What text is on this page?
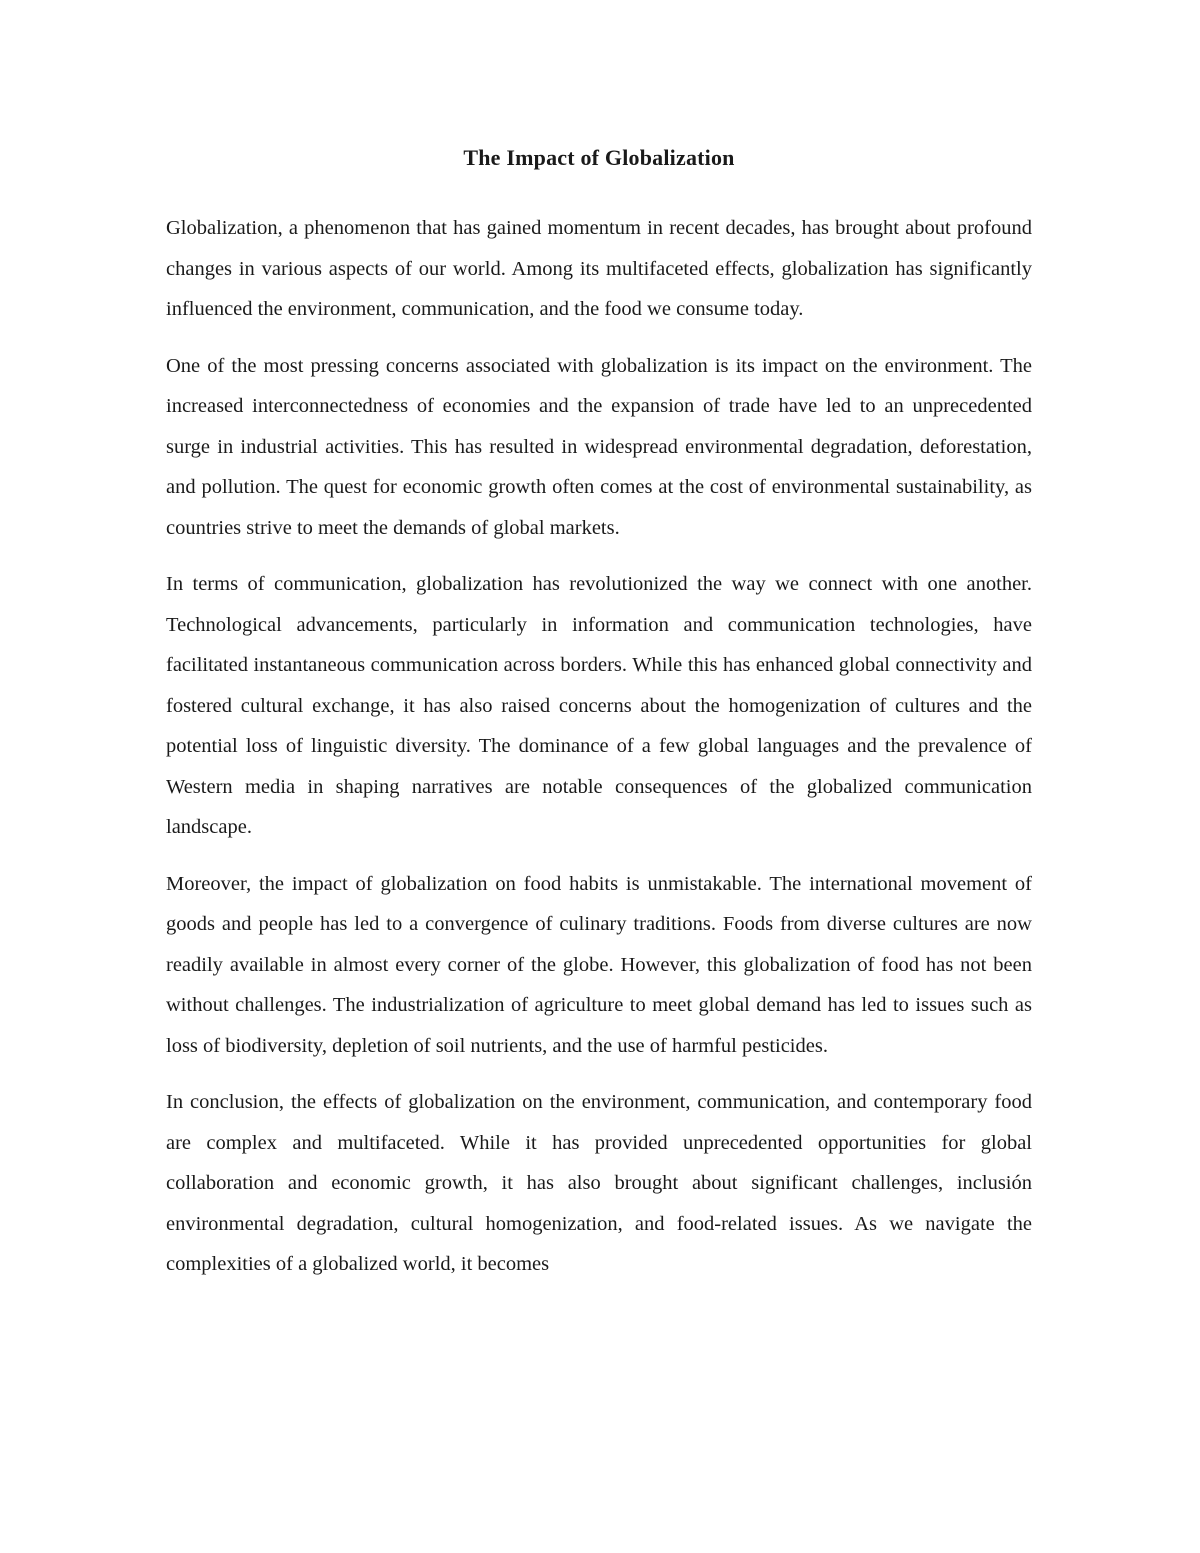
The Impact of Globalization

Globalization, a phenomenon that has gained momentum in recent decades, has brought about profound changes in various aspects of our world. Among its multifaceted effects, globalization has significantly influenced the environment, communication, and the food we consume today.

One of the most pressing concerns associated with globalization is its impact on the environment. The increased interconnectedness of economies and the expansion of trade have led to an unprecedented surge in industrial activities. This has resulted in widespread environmental degradation, deforestation, and pollution. The quest for economic growth often comes at the cost of environmental sustainability, as countries strive to meet the demands of global markets.

In terms of communication, globalization has revolutionized the way we connect with one another. Technological advancements, particularly in information and communication technologies, have facilitated instantaneous communication across borders. While this has enhanced global connectivity and fostered cultural exchange, it has also raised concerns about the homogenization of cultures and the potential loss of linguistic diversity. The dominance of a few global languages and the prevalence of Western media in shaping narratives are notable consequences of the globalized communication landscape.

Moreover, the impact of globalization on food habits is unmistakable. The international movement of goods and people has led to a convergence of culinary traditions. Foods from diverse cultures are now readily available in almost every corner of the globe. However, this globalization of food has not been without challenges. The industrialization of agriculture to meet global demand has led to issues such as loss of biodiversity, depletion of soil nutrients, and the use of harmful pesticides.

In conclusion, the effects of globalization on the environment, communication, and contemporary food are complex and multifaceted. While it has provided unprecedented opportunities for global collaboration and economic growth, it has also brought about significant challenges, inclusión environmental degradation, cultural homogenization, and food-related issues. As we navigate the complexities of a globalized world, it becomes
